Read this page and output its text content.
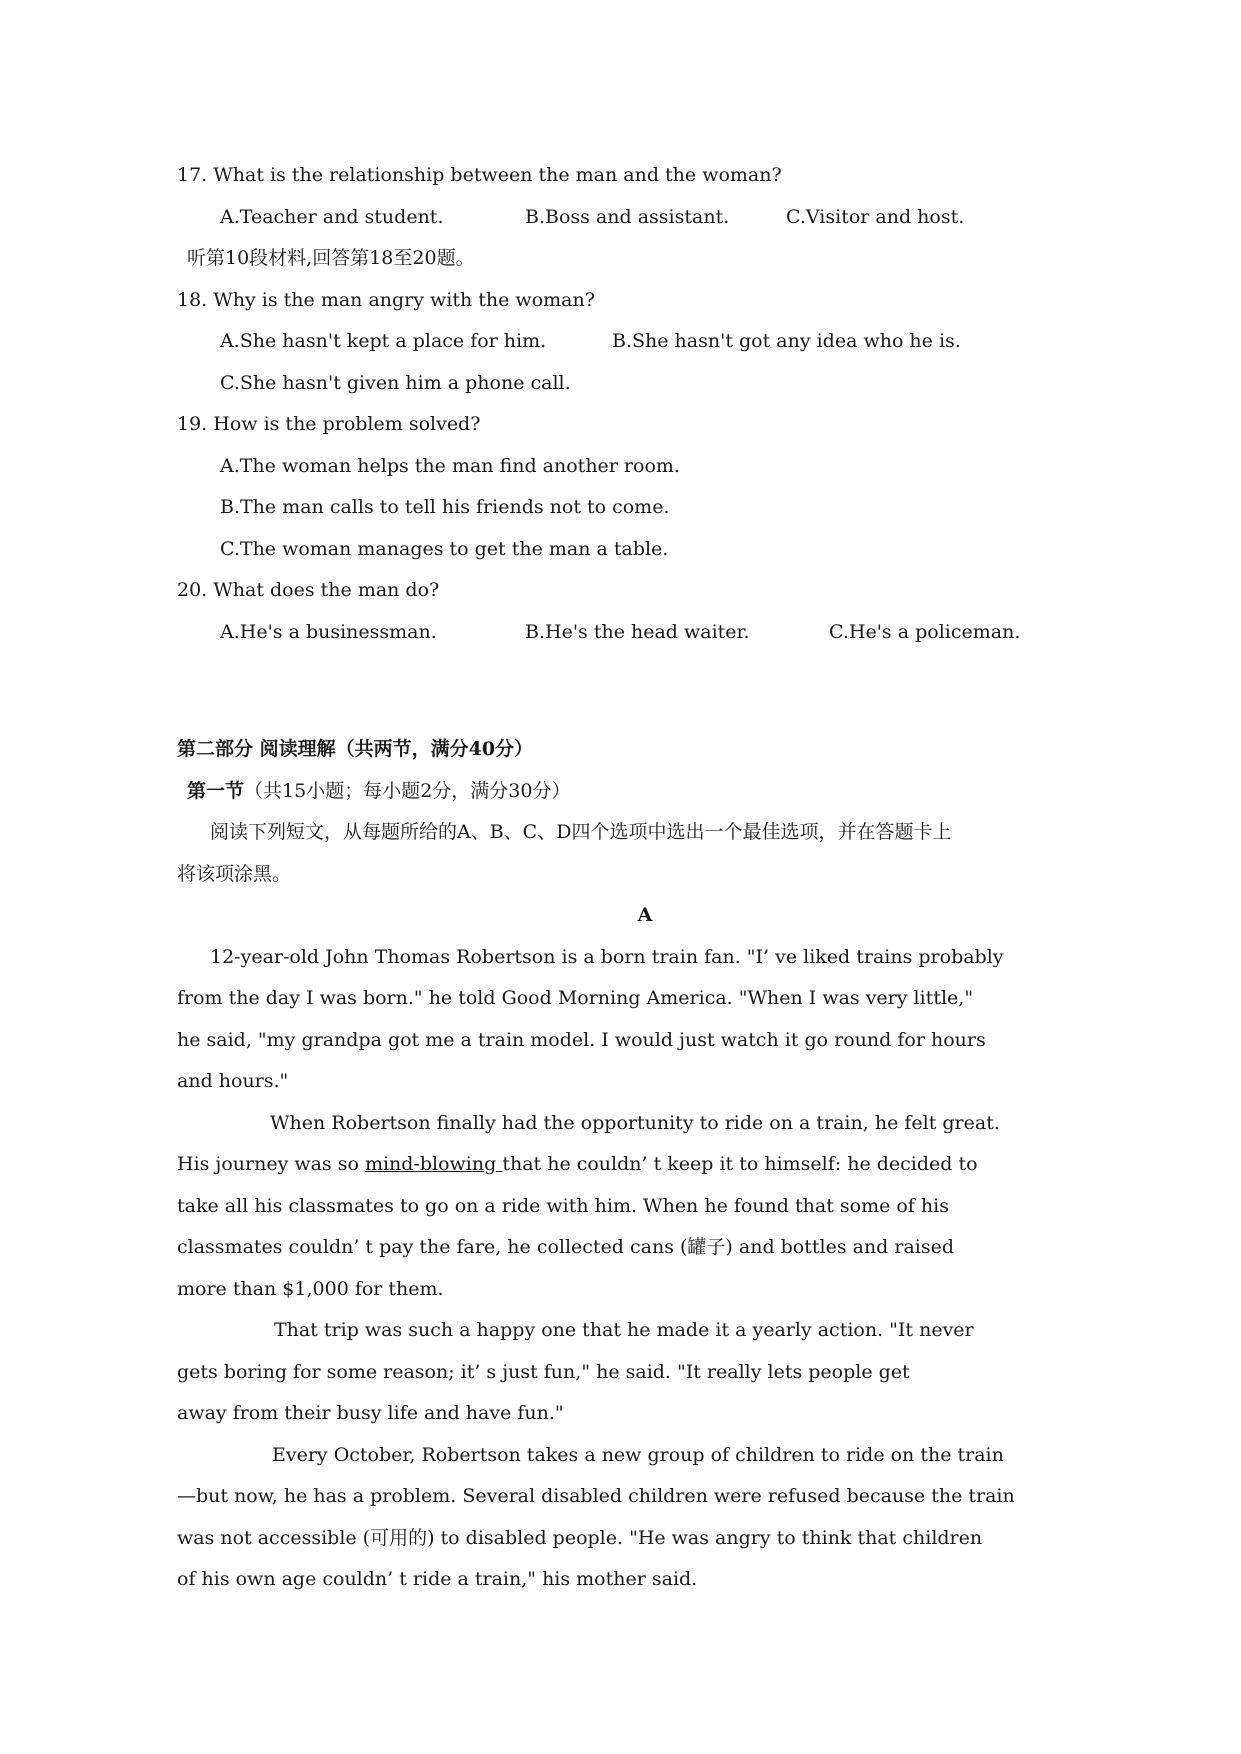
17. What is the relationship between the man and the woman?
A.Teacher and student.	B.Boss and assistant.	C.Visitor and host.
听第10段材料,回答第18至20题。
18. Why is the man angry with the woman?
A.She hasn't kept a place for him.	B.She hasn't got any idea who he is.
C.She hasn't given him a phone call.
19. How is the problem solved?
A.The woman helps the man find another room.
B.The man calls to tell his friends not to come.
C.The woman manages to get the man a table.
20. What does the man do?
A.He's a businessman.	B.He's the head waiter.	C.He's a policeman.
第二部分 阅读理解（共两节，满分40分）
第一节（共15小题；每小题2分，满分30分）
阅读下列短文，从每题所给的A、B、C、D四个选项中选出一个最佳选项，并在答题卡上
将该项涂黑。
A
12-year-old John Thomas Robertson is a born train fan. "I’ ve liked trains probably
from the day I was born." he told Good Morning America. "When I was very little,"
he said, "my grandpa got me a train model. I would just watch it go round for hours
and hours."
When Robertson finally had the opportunity to ride on a train, he felt great.
His journey was so mind-blowing that he couldn’ t keep it to himself: he decided to
take all his classmates to go on a ride with him. When he found that some of his
classmates couldn’ t pay the fare, he collected cans (罐子) and bottles and raised
more than $1,000 for them.
That trip was such a happy one that he made it a yearly action. "It never
gets boring for some reason; it’ s just fun," he said. "It really lets people get
away from their busy life and have fun."
Every October, Robertson takes a new group of children to ride on the train
—but now, he has a problem. Several disabled children were refused because the train
was not accessible (可用的) to disabled people. "He was angry to think that children
of his own age couldn’ t ride a train," his mother said.
